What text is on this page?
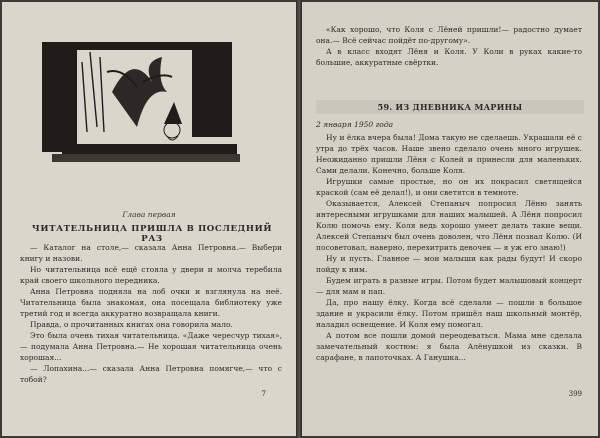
Глава первая
ЧИТАТЕЛЬНИЦА ПРИШЛА В ПОСЛЕДНИЙ РАЗ

— Каталог на столе,— сказала Анна Петровна.— Выбери книгу и назови.

Но читательница всё ещё стояла у двери и молча теребила край своего школьного передника.

Анна Петровна подняла на лоб очки и взглянула на неё. Читательница была знакомая, она посещала библиотеку уже третий год и всегда аккуратно возвращала книги.

Правда, о прочитанных книгах она говорила мало.

Это была очень тихая читательница. «Даже чересчур тихая»,— подумала Анна Петровна.— Не хорошая читательница очень хорошая...

— Лопахина...— сказала Анна Петровна помягче,— что с тобой?

7

«Как хорошо, что Коля с Лёней пришли!— радостно думает она.— Всё сейчас пойдёт по-другому».

А в класс входят Лёня и Коля. У Коли в руках какие-то большие, аккуратные свёртки.

59. ИЗ ДНЕВНИКА МАРИНЫ
2 января 1950 года

Ну и ёлка вчера была! Дома такую не сделаешь. Украшали её с утра до трёх часов. Наше звено сделало очень много игрушек. Неожиданно пришли Лёня с Колей и принесли для маленьких. Сами делали. Конечно, больше Коля.

Игрушки самые простые, но он их покрасил светящейся краской (сам её делал!), и они светятся в темноте.

Оказывается, Алексей Степаныч попросил Лёню занять интересными игрушками для наших малышей. А Лёня попросил Колю помочь ему. Коля ведь хорошо умеет делать такие вещи. Алексей Степаныч был очень доволен, что Лёня позвал Колю. (И посоветовал, наверно, перехитрить девочек — я уж его знаю!)

Ну и пусть. Главное — мои малыши как рады будут! И скоро пойду к ним.

Будем играть в разные игры. Потом будет малышовый концерт — для мам и пап.

Да, про нашу ёлку. Когда всё сделали — пошли в большое здание и украсили ёлку. Потом пришёл наш школьный монтёр, наладил освещение. И Коля ему помогал.

А потом все пошли домой переодеваться. Мама мне сделала замечательный костюм: я была Алёнушкой из сказки. В сарафане, в лапоточках. А Ганушка...

399
